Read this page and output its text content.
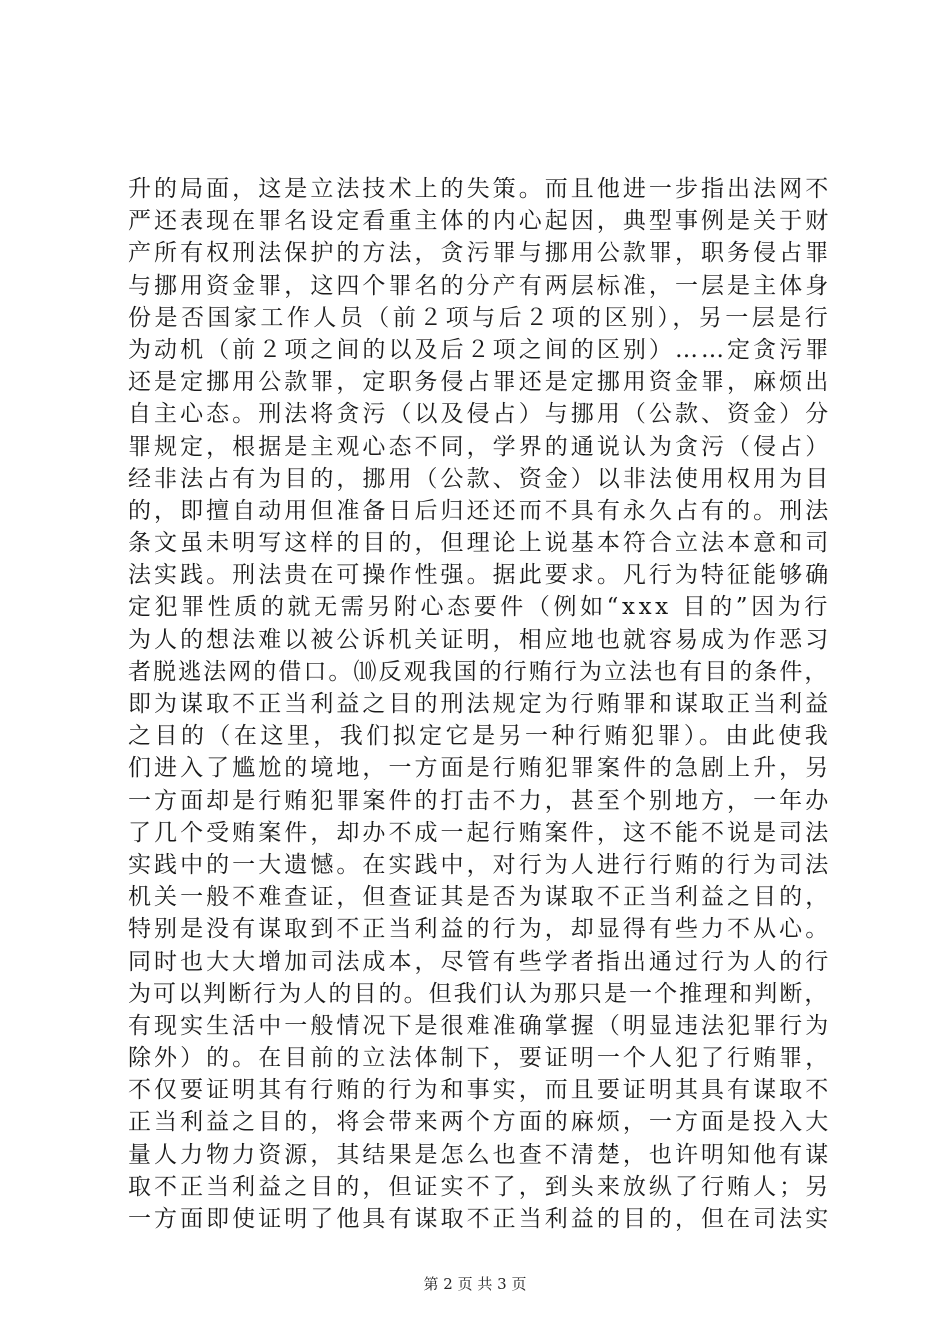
升的局面，这是立法技术上的失策。而且他进一步指出法网不
严还表现在罪名设定看重主体的内心起因，典型事例是关于财
产所有权刑法保护的方法，贪污罪与挪用公款罪，职务侵占罪
与挪用资金罪，这四个罪名的分产有两层标准，一层是主体身
份是否国家工作人员（前２项与后２项的区别），另一层是行
为动机（前２项之间的以及后２项之间的区别）……定贪污罪
还是定挪用公款罪，定职务侵占罪还是定挪用资金罪，麻烦出
自主心态。刑法将贪污（以及侵占）与挪用（公款、资金）分
罪规定，根据是主观心态不同，学界的通说认为贪污（侵占）
经非法占有为目的，挪用（公款、资金）以非法使用权用为目
的，即擅自动用但准备日后归还还而不具有永久占有的。刑法
条文虽未明写这样的目的，但理论上说基本符合立法本意和司
法实践。刑法贵在可操作性强。据此要求。凡行为特征能够确
定犯罪性质的就无需另附心态要件（例如“xxx 目的”因为行
为人的想法难以被公诉机关证明，相应地也就容易成为作恶习
者脱逃法网的借口。⑽反观我国的行贿行为立法也有目的条件，
即为谋取不正当利益之目的刑法规定为行贿罪和谋取正当利益
之目的（在这里，我们拟定它是另一种行贿犯罪）。由此使我
们进入了尴尬的境地，一方面是行贿犯罪案件的急剧上升，另
一方面却是行贿犯罪案件的打击不力，甚至个别地方，一年办
了几个受贿案件，却办不成一起行贿案件，这不能不说是司法
实践中的一大遗憾。在实践中，对行为人进行行贿的行为司法
机关一般不难查证，但查证其是否为谋取不正当利益之目的，
特别是没有谋取到不正当利益的行为，却显得有些力不从心。
同时也大大增加司法成本，尽管有些学者指出通过行为人的行
为可以判断行为人的目的。但我们认为那只是一个推理和判断，
有现实生活中一般情况下是很难准确掌握（明显违法犯罪行为
除外）的。在目前的立法体制下，要证明一个人犯了行贿罪，
不仅要证明其有行贿的行为和事实，而且要证明其具有谋取不
正当利益之目的，将会带来两个方面的麻烦，一方面是投入大
量人力物力资源，其结果是怎么也查不清楚，也许明知他有谋
取不正当利益之目的，但证实不了，到头来放纵了行贿人；另
一方面即使证明了他具有谋取不正当利益的目的，但在司法实
第 2 页 共 3 页
